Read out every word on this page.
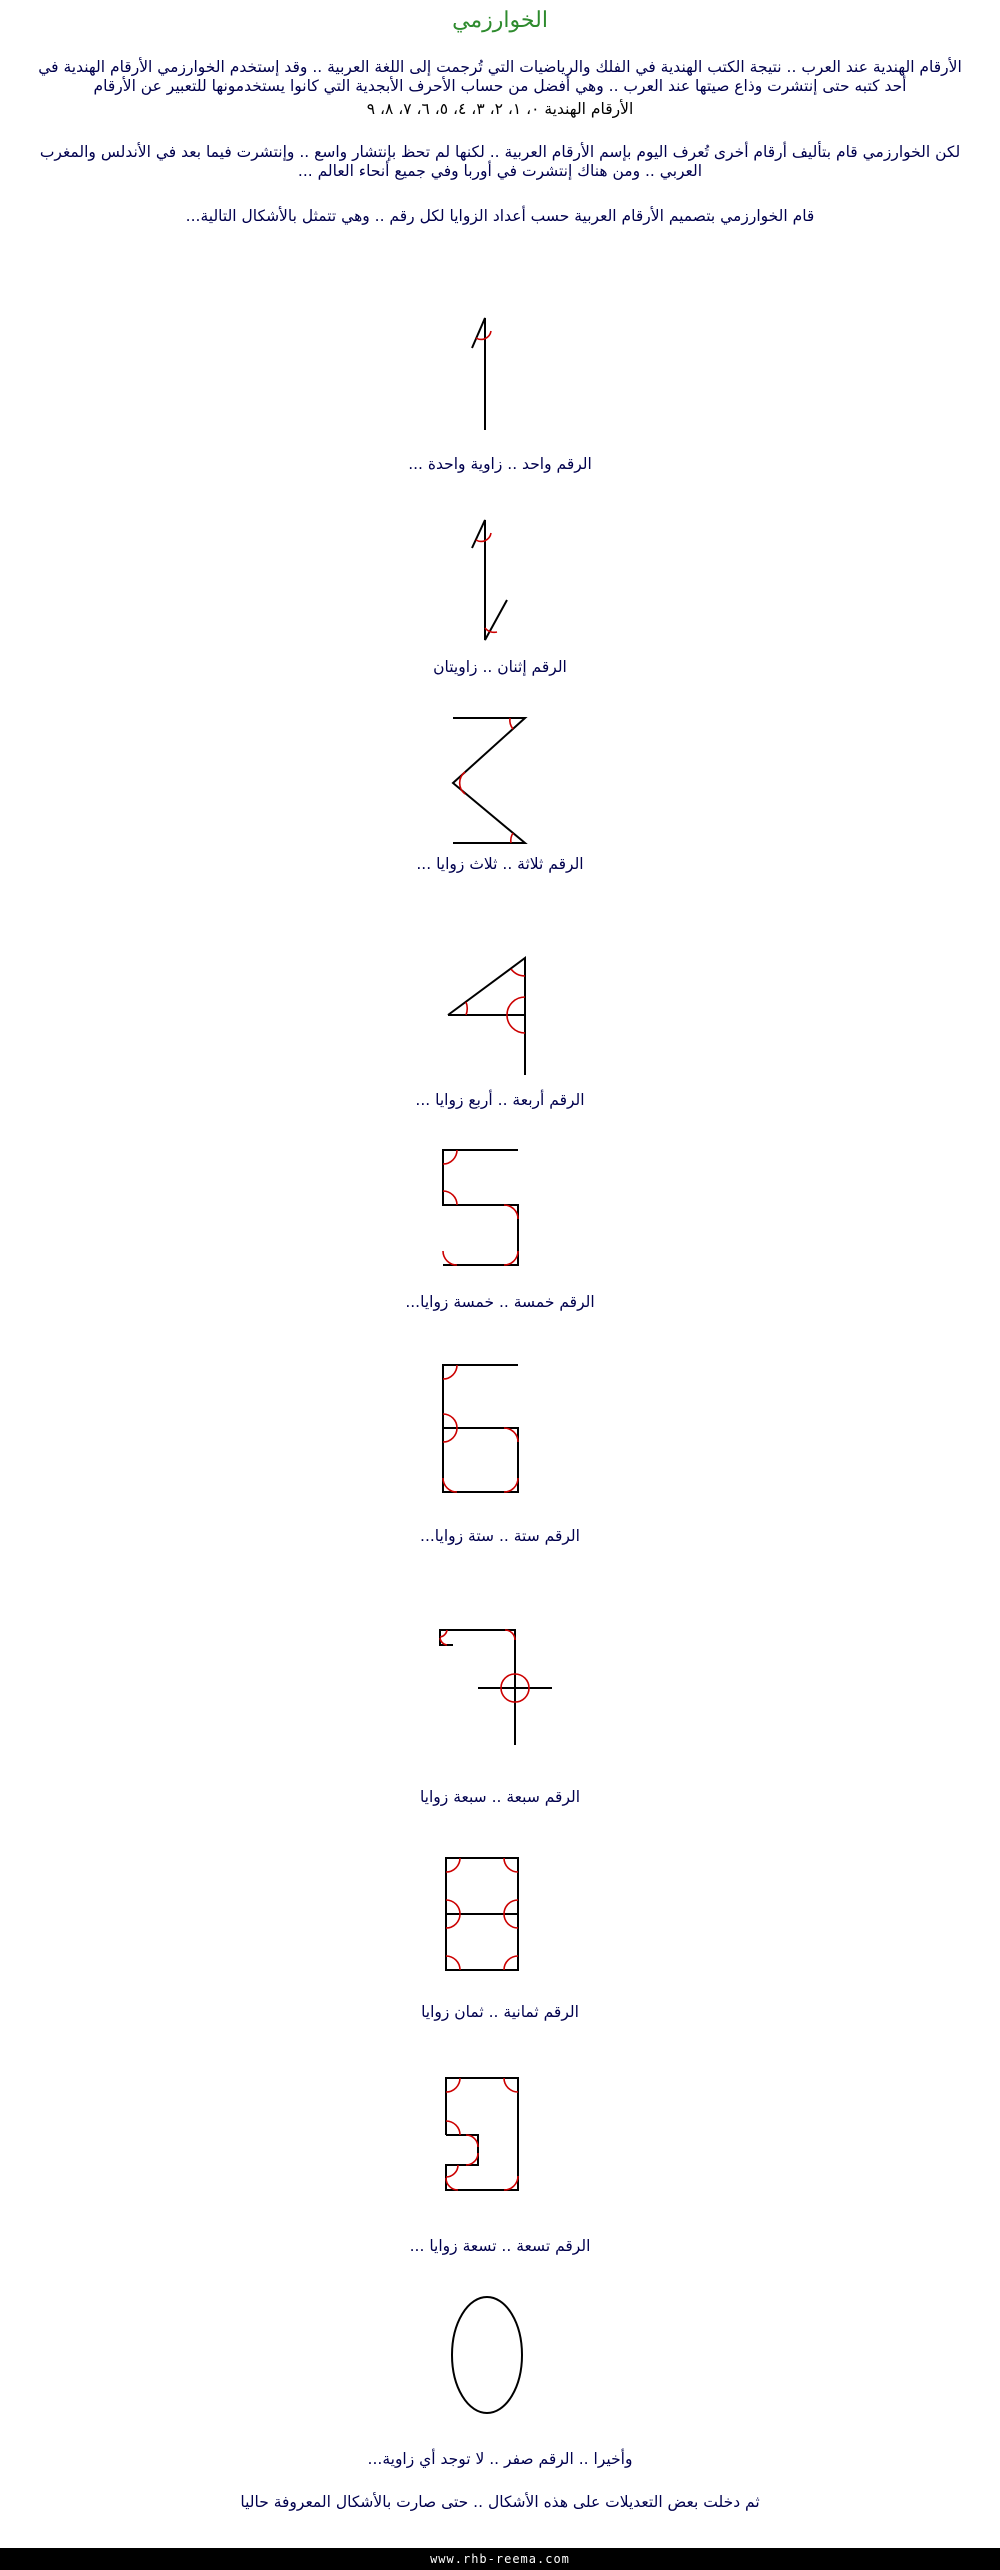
الخوارزمي

الأرقام الهندية عند العرب .. نتيجة الكتب الهندية في الفلك والرياضيات التي تُرجمت إلى اللغة العربية .. وقد إستخدم الخوارزمي الأرقام الهندية في أحد كتبه حتى إنتشرت وذاع صيتها عند العرب .. وهي أفضل من حساب الأحرف الأبجدية التي كانوا يستخدمونها للتعبير عن الأرقام

الأرقام الهندية ٠، ١، ٢، ٣، ٤، ٥، ٦، ٧، ٨، ٩

لكن الخوارزمي قام بتأليف أرقام أخرى تُعرف اليوم بإسم الأرقام العربية .. لكنها لم تحظ بإنتشار واسع .. وإنتشرت فيما بعد في الأندلس والمغرب العربي .. ومن هناك إنتشرت في أوربا وفي جميع أنحاء العالم ...

قام الخوارزمي بتصميم الأرقام العربية حسب أعداد الزوايا لكل رقم .. وهي تتمثل بالأشكال التالية...

الرقم واحد .. زاوية واحدة ...
الرقم إثنان .. زاويتان
الرقم ثلاثة .. ثلاث زوايا ...
الرقم أربعة .. أربع زوايا ...
الرقم خمسة .. خمسة زوايا...
الرقم ستة .. ستة زوايا...
الرقم سبعة .. سبعة زوايا
الرقم ثمانية .. ثمان زوايا
الرقم تسعة .. تسعة زوايا ...
وأخيرا .. الرقم صفر .. لا توجد أي زاوية...
ثم دخلت بعض التعديلات على هذه الأشكال .. حتى صارت بالأشكال المعروفة حاليا
www.rhb-reema.com
